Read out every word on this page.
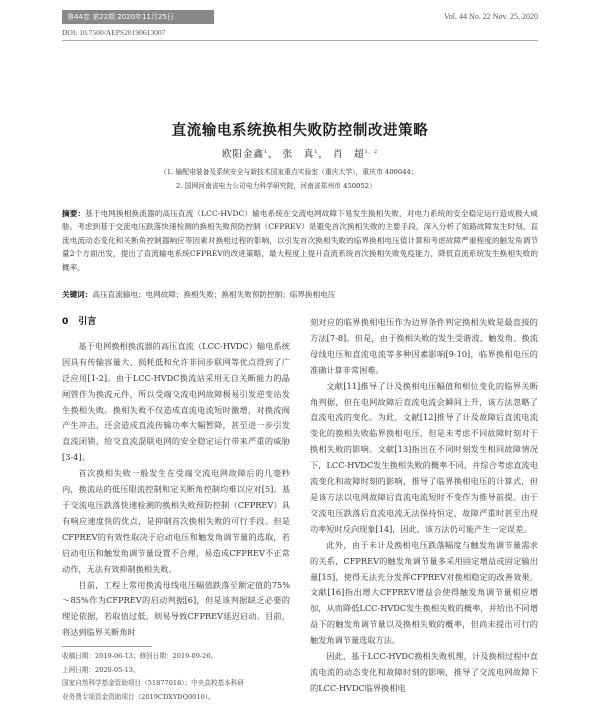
第44卷 第22期 2020年11月25日	Vol. 44 No. 22 Nov. 25, 2020
DOI: 10.7500/AEPS20190613007
直流输电系统换相失败防控制改进策略
欧阳金鑫$^1$， 张　真$^1$， 肖　超$^{1, 2}$
（1. 输配电装备及系统安全与新技术国家重点实验室（重庆大学），重庆市 400044；
2. 国网河南省电力公司电力科学研究院，河南省郑州市 450052）
摘要：基于电网换相换流器的高压直流（LCC-HVDC）输电系统在交流电网故障下易发生换相失败，对电力系统的安全稳定运行造成极大威胁。考虑到基于交流电压跌落快速检测的换相失败预防控制（CFPREV）是避免首次换相失败的主要手段，深入分析了姐路故障发生时刻、直流电流动态变化和关断角控制器响应等因素对换相过程的影响，以引发首次换相失败的临界换相电压值计算和考虑故障严重程度的触发角调节量2个方面出发，提出了直流输电系统CFPREV的改进策略，最大程度上提升直流系统首次换相失败免疫能力，降低直流系统发生换相失败的概率。
关键词：高压直流输电；电网故障；换相失败；换相失败预防控制；临界换相电压
0 引言

基于电网换相换流器的高压直流（LCC-HVDC）输电系统因具有传输容量大、损耗低和允许非同步联网等优点得到了广泛应用[1-2]。由于LCC-HVDC换流站采用无自关断能力的晶闸管作为换流元件，所以受端交流电网故障极易引发逆变站发生换相失败。换相失败不仅造成直流电流短时激增，对换流阀产生冲击，还会造成直流传输功率大幅暂降，甚至进一步引发直流闭锁，给交直流混联电网的安全稳定运行带来严重的威胁[3-4]。

首次换相失败一般发生在受端交流电网故障后的几毫秒内，换流站的低压限流控制和定关断角控制均难以应对[5]。基于交流电压跌落快速检测的换相失败预防控制（CFPREV）具有响应速度快的优点，是抑制首次换相失败的可行手段。但是CFPREV的有效性取决于启动电压和触发角调节量的选取，若启动电压和触发角调节量设置不合理，易造成CFPREV不正常动作，无法有效抑制换相失败。

目前，工程上常用换流母线电压幅值跌落至额定值的75%～85%作为CFPREV的启动判据[6]，但是该判据缺乏必要的理论依据，若取值过低，则易导致CFPREV延迟启动。目前，将达到临界关断角时

刻对应的临界换相电压作为边界条件判定换相失败是最直接的方法[7-8]。但是，由于换相失败的发生受谐波、触发角、换流母线电压和直流电流等多种因素影响[9-10]，临界换相电压的准确计算非常困难。

文献[11]推导了计及换相电压幅值和相位变化的临界关断角判据，但在电网故障后直流电流会瞬间上升，该方法忽略了直流电流的变化。为此，文献[12]推导了计及故障后直流电流变化的换相失败临界换相电压，但是未考虑不同故障时刻对于换相失败的影响。文献[13]指出在不同时刻发生相同故障情况下，LCC-HVDC发生换相失败的概率不同，并综合考虑直流电流变化和故障时刻的影响，推导了临界换相电压的计算式，但是该方法以电网故障后直流电流短时不变作为推导前提。由于交流电压跌落后直流电流无法保持恒定，故障严重时甚至出现功率短时反向现象[14]，因此，该方法仍可能产生一定误差。

此外，由于未计及换相电压跌落幅度与触发角调节量需求的关系，CFPREV的触发角调节量多采用固定增益或固定输出量[15]，使得无法充分发挥CFPREV对换相稳定的改善效果。文献[16]指出增大CFPREV增益会使得触发角调节量相应增加，从而降低LCC-HVDC发生换相失败的概率，并给出不同增益下的触发角调节量以及换相失败的概率，但尚未提出可行的触发角调节量选取方法。

因此，基于LCC-HVDC换相失败机理，计及换相过程中直流电流的动态变化和故障时刻的影响，推导了交流电网故障下的LCC-HVDC临界换相电

收稿日期：2019-06-13；修回日期：2019-09-26。
上网日期：2020-05-13。
国家自然科学基金资助项目（51877018）；中央高校基本科研
业务费专项资金资助项目（2019CDXYDQ0010）。
